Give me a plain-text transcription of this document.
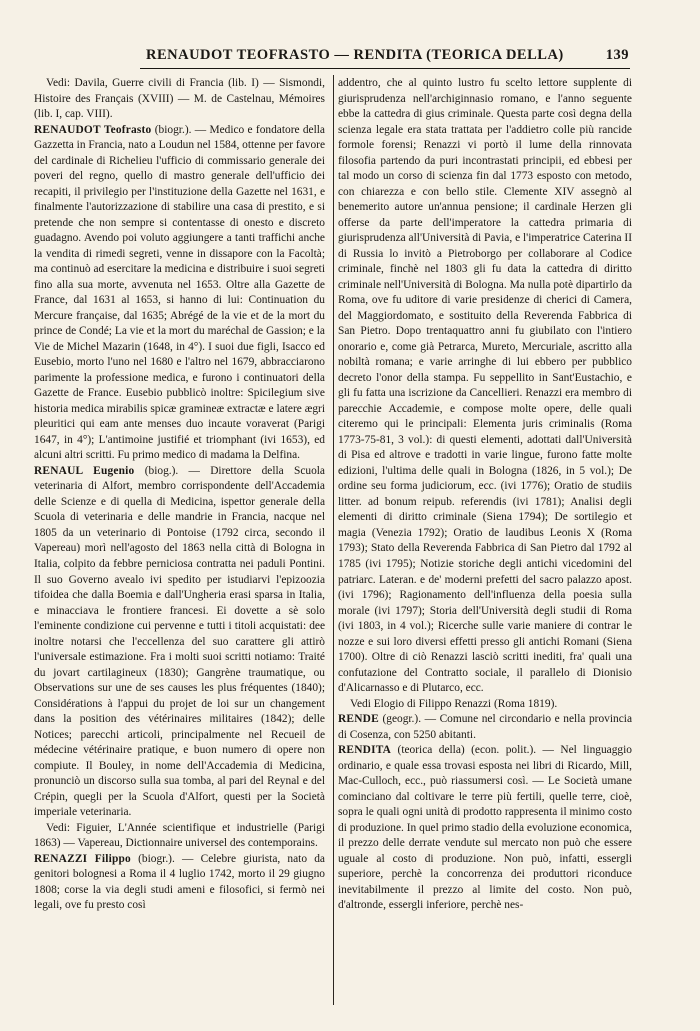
RENAUDOT TEOFRASTO — RENDITA (TEORICA DELLA)	139

Vedi: Davila, Guerre civili di Francia (lib. I) — Sismondi, Histoire des Français (XVIII) — M. de Castelnau, Mémoires (lib. I, cap. VIII).

RENAUDOT Teofrasto (biogr.). — Medico e fondatore della Gazzetta in Francia, nato a Loudun nel 1584, ottenne per favore del cardinale di Richelieu l'ufficio di commissario generale dei poveri del regno, quello di mastro generale dell'ufficio dei recapiti, il privilegio per l'instituzione della Gazette nel 1631, e finalmente l'autorizzazione di stabilire una casa di prestito, e si pretende che non sempre si contentasse di onesto e discreto guadagno. Avendo poi voluto aggiungere a tanti traffichi anche la vendita di rimedi segreti, venne in dissapore con la Facoltà; ma continuò ad esercitare la medicina e distribuire i suoi segreti fino alla sua morte, avvenuta nel 1653. Oltre alla Gazette de France, dal 1631 al 1653, si hanno di lui: Continuation du Mercure française, dal 1635; Abrégé de la vie et de la mort du prince de Condé; La vie et la mort du maréchal de Gassion; e la Vie de Michel Mazarin (1648, in 4°). I suoi due figli, Isacco ed Eusebio, morto l'uno nel 1680 e l'altro nel 1679, abbracciarono parimente la professione medica, e furono i continuatori della Gazette de France. Eusebio pubblicò inoltre: Spicilegium sive historia medica mirabilis spicæ gramineæ extractæ e latere ægri pleuritici qui eam ante menses duo incaute voraverat (Parigi 1647, in 4°); L'antimoine justifié et triomphant (ivi 1653), ed alcuni altri scritti. Fu primo medico di madama la Delfina.

RENAUL Eugenio (biog.). — Direttore della Scuola veterinaria di Alfort, membro corrispondente dell'Accademia delle Scienze e di quella di Medicina, ispettor generale della Scuola di veterinaria e delle mandrie in Francia, nacque nel 1805 da un veterinario di Pontoise (1792 circa, secondo il Vapereau) morì nell'agosto del 1863 nella città di Bologna in Italia, colpito da febbre perniciosa contratta nei paduli Pontini. Il suo Governo avealo ivi spedito per istudiarvi l'epizoozia tifoidea che dalla Boemia e dall'Ungheria erasi sparsa in Italia, e minacciava le frontiere francesi. Ei dovette a sè solo l'eminente condizione cui pervenne e tutti i titoli acquistati: dee inoltre notarsi che l'eccellenza del suo carattere gli attirò l'universale estimazione. Fra i molti suoi scritti notiamo: Traité du jovart cartilagineux (1830); Gangrène traumatique, ou Observations sur une de ses causes les plus fréquentes (1840); Considérations à l'appui du projet de loi sur un changement dans la position des vétérinaires militaires (1842); delle Notices; parecchi articoli, principalmente nel Recueil de médecine vétérinaire pratique, e buon numero di opere non compiute. Il Bouley, in nome dell'Accademia di Medicina, pronunciò un discorso sulla sua tomba, al pari del Reynal e del Crépin, quegli per la Scuola d'Alfort, questi per la Società imperiale veterinaria.

Vedi: Figuier, L'Année scientifique et industrielle (Parigi 1863) — Vapereau, Dictionnaire universel des contemporains.

RENAZZI Filippo (biogr.). — Celebre giurista, nato da genitori bolognesi a Roma il 4 luglio 1742, morto il 29 giugno 1808; corse la via degli studi ameni e filosofici, si fermò nei legali, ove fu presto così

addentro, che al quinto lustro fu scelto lettore supplente di giurisprudenza nell'archiginnasio romano, e l'anno seguente ebbe la cattedra di gius criminale. Questa parte così degna della scienza legale era stata trattata per l'addietro colle più rancide formole forensi; Renazzi vi portò il lume della rinnovata filosofia partendo da puri incontrastati principii, ed ebbesi per tal modo un corso di scienza fin dal 1773 esposto con metodo, con chiarezza e con bello stile. Clemente XIV assegnò al benemerito autore un'annua pensione; il cardinale Herzen gli offerse da parte dell'imperatore la cattedra primaria di giurisprudenza all'Università di Pavia, e l'imperatrice Caterina II di Russia lo invitò a Pietroborgo per collaborare al Codice criminale, finchè nel 1803 gli fu data la cattedra di diritto criminale nell'Università di Bologna. Ma nulla potè dipartirlo da Roma, ove fu uditore di varie presidenze di cherici di Camera, del Maggiordomato, e sostituito della Reverenda Fabbrica di San Pietro. Dopo trentaquattro anni fu giubilato con l'intiero onorario e, come già Petrarca, Mureto, Mercuriale, ascritto alla nobiltà romana; e varie arringhe di lui ebbero per pubblico decreto l'onor della stampa. Fu seppellito in Sant'Eustachio, e gli fu fatta una iscrizione da Cancellieri. Renazzi era membro di parecchie Accademie, e compose molte opere, delle quali citeremo qui le principali: Elementa juris criminalis (Roma 1773-75-81, 3 vol.): di questi elementi, adottati dall'Università di Pisa ed altrove e tradotti in varie lingue, furono fatte molte edizioni, l'ultima delle quali in Bologna (1826, in 5 vol.); De ordine seu forma judiciorum, ecc. (ivi 1776); Oratio de studiis litter. ad bonum reipub. referendis (ivi 1781); Analisi degli elementi di diritto criminale (Siena 1794); De sortilegio et magia (Venezia 1792); Oratio de laudibus Leonis X (Roma 1793); Stato della Reverenda Fabbrica di San Pietro dal 1792 al 1785 (ivi 1795); Notizie storiche degli antichi vicedomini del patriarc. Lateran. e de' moderni prefetti del sacro palazzo apost. (ivi 1796); Ragionamento dell'influenza della poesia sulla morale (ivi 1797); Storia dell'Università degli studii di Roma (ivi 1803, in 4 vol.); Ricerche sulle varie maniere di contrar le nozze e sui loro diversi effetti presso gli antichi Romani (Siena 1700). Oltre di ciò Renazzi lasciò scritti inediti, fra' quali una confutazione del Contratto sociale, il parallelo di Dionisio d'Alicarnasso e di Plutarco, ecc.

Vedi Elogio di Filippo Renazzi (Roma 1819).

RENDE (geogr.). — Comune nel circondario e nella provincia di Cosenza, con 5250 abitanti.

RENDITA (teorica della) (econ. polit.). — Nel linguaggio ordinario, e quale essa trovasi esposta nei libri di Ricardo, Mill, Mac-Culloch, ecc., può riassumersi così. — Le Società umane cominciano dal coltivare le terre più fertili, quelle terre, cioè, sopra le quali ogni unità di prodotto rappresenta il minimo costo di produzione. In quel primo stadio della evoluzione economica, il prezzo delle derrate vendute sul mercato non può che essere uguale al costo di produzione. Non può, infatti, essergli superiore, perchè la concorrenza dei produttori riconduce inevitabilmente il prezzo al limite del costo. Non può, d'altronde, essergli inferiore, perchè nes-
